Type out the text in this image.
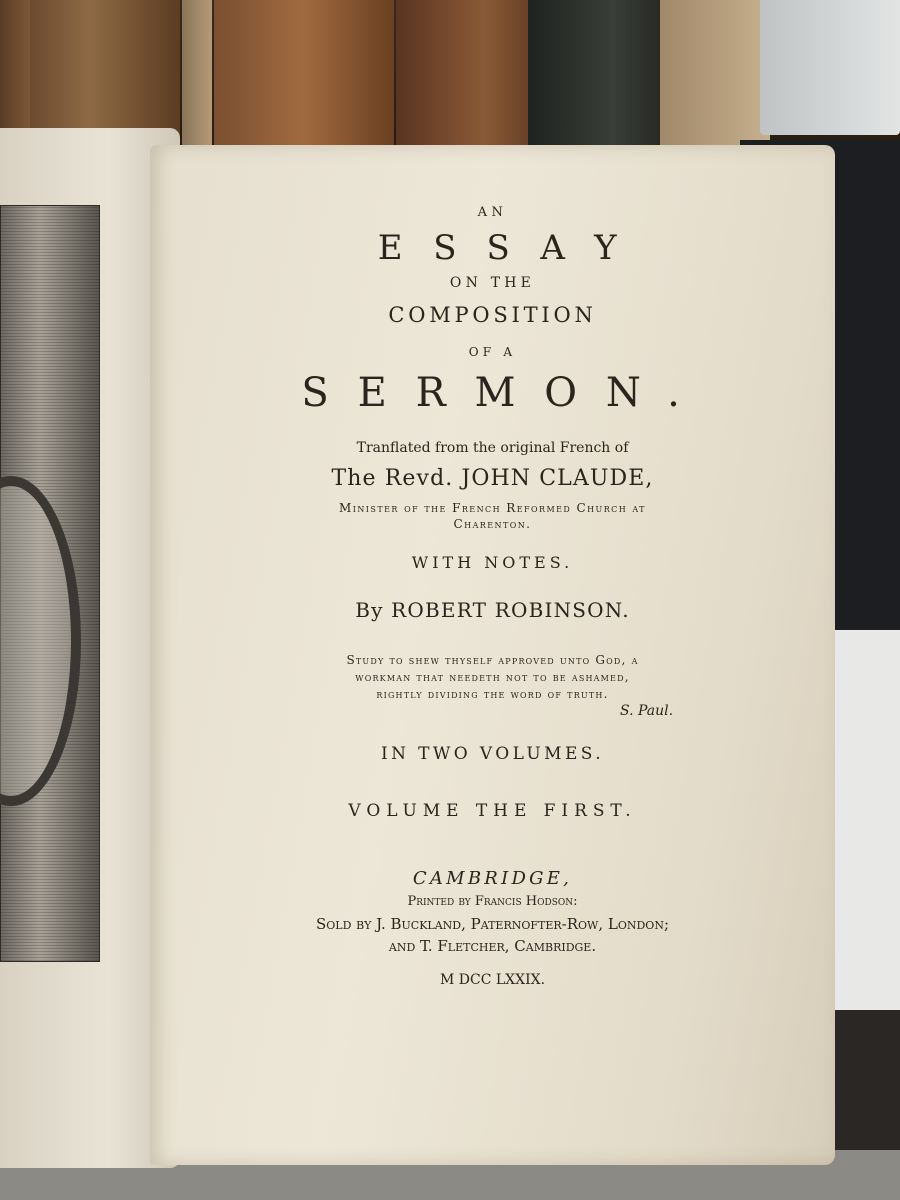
AN
ESSAY
ON THE
COMPOSITION
OF A
SERMON.
Tranflated from the original French of
The Revd. JOHN CLAUDE,
Minister of the French Reformed Church at
Charenton.
WITH NOTES.
By ROBERT ROBINSON.
Study to shew thyself approved unto God, a
workman that needeth not to be ashamed,
rightly dividing the word of truth.
S. Paul.
IN TWO VOLUMES.
VOLUME THE FIRST.
CAMBRIDGE,
Printed by Francis Hodson:
Sold by J. Buckland, Paternofter-Row, London;
and T. Fletcher, Cambridge.
M DCC LXXIX.
